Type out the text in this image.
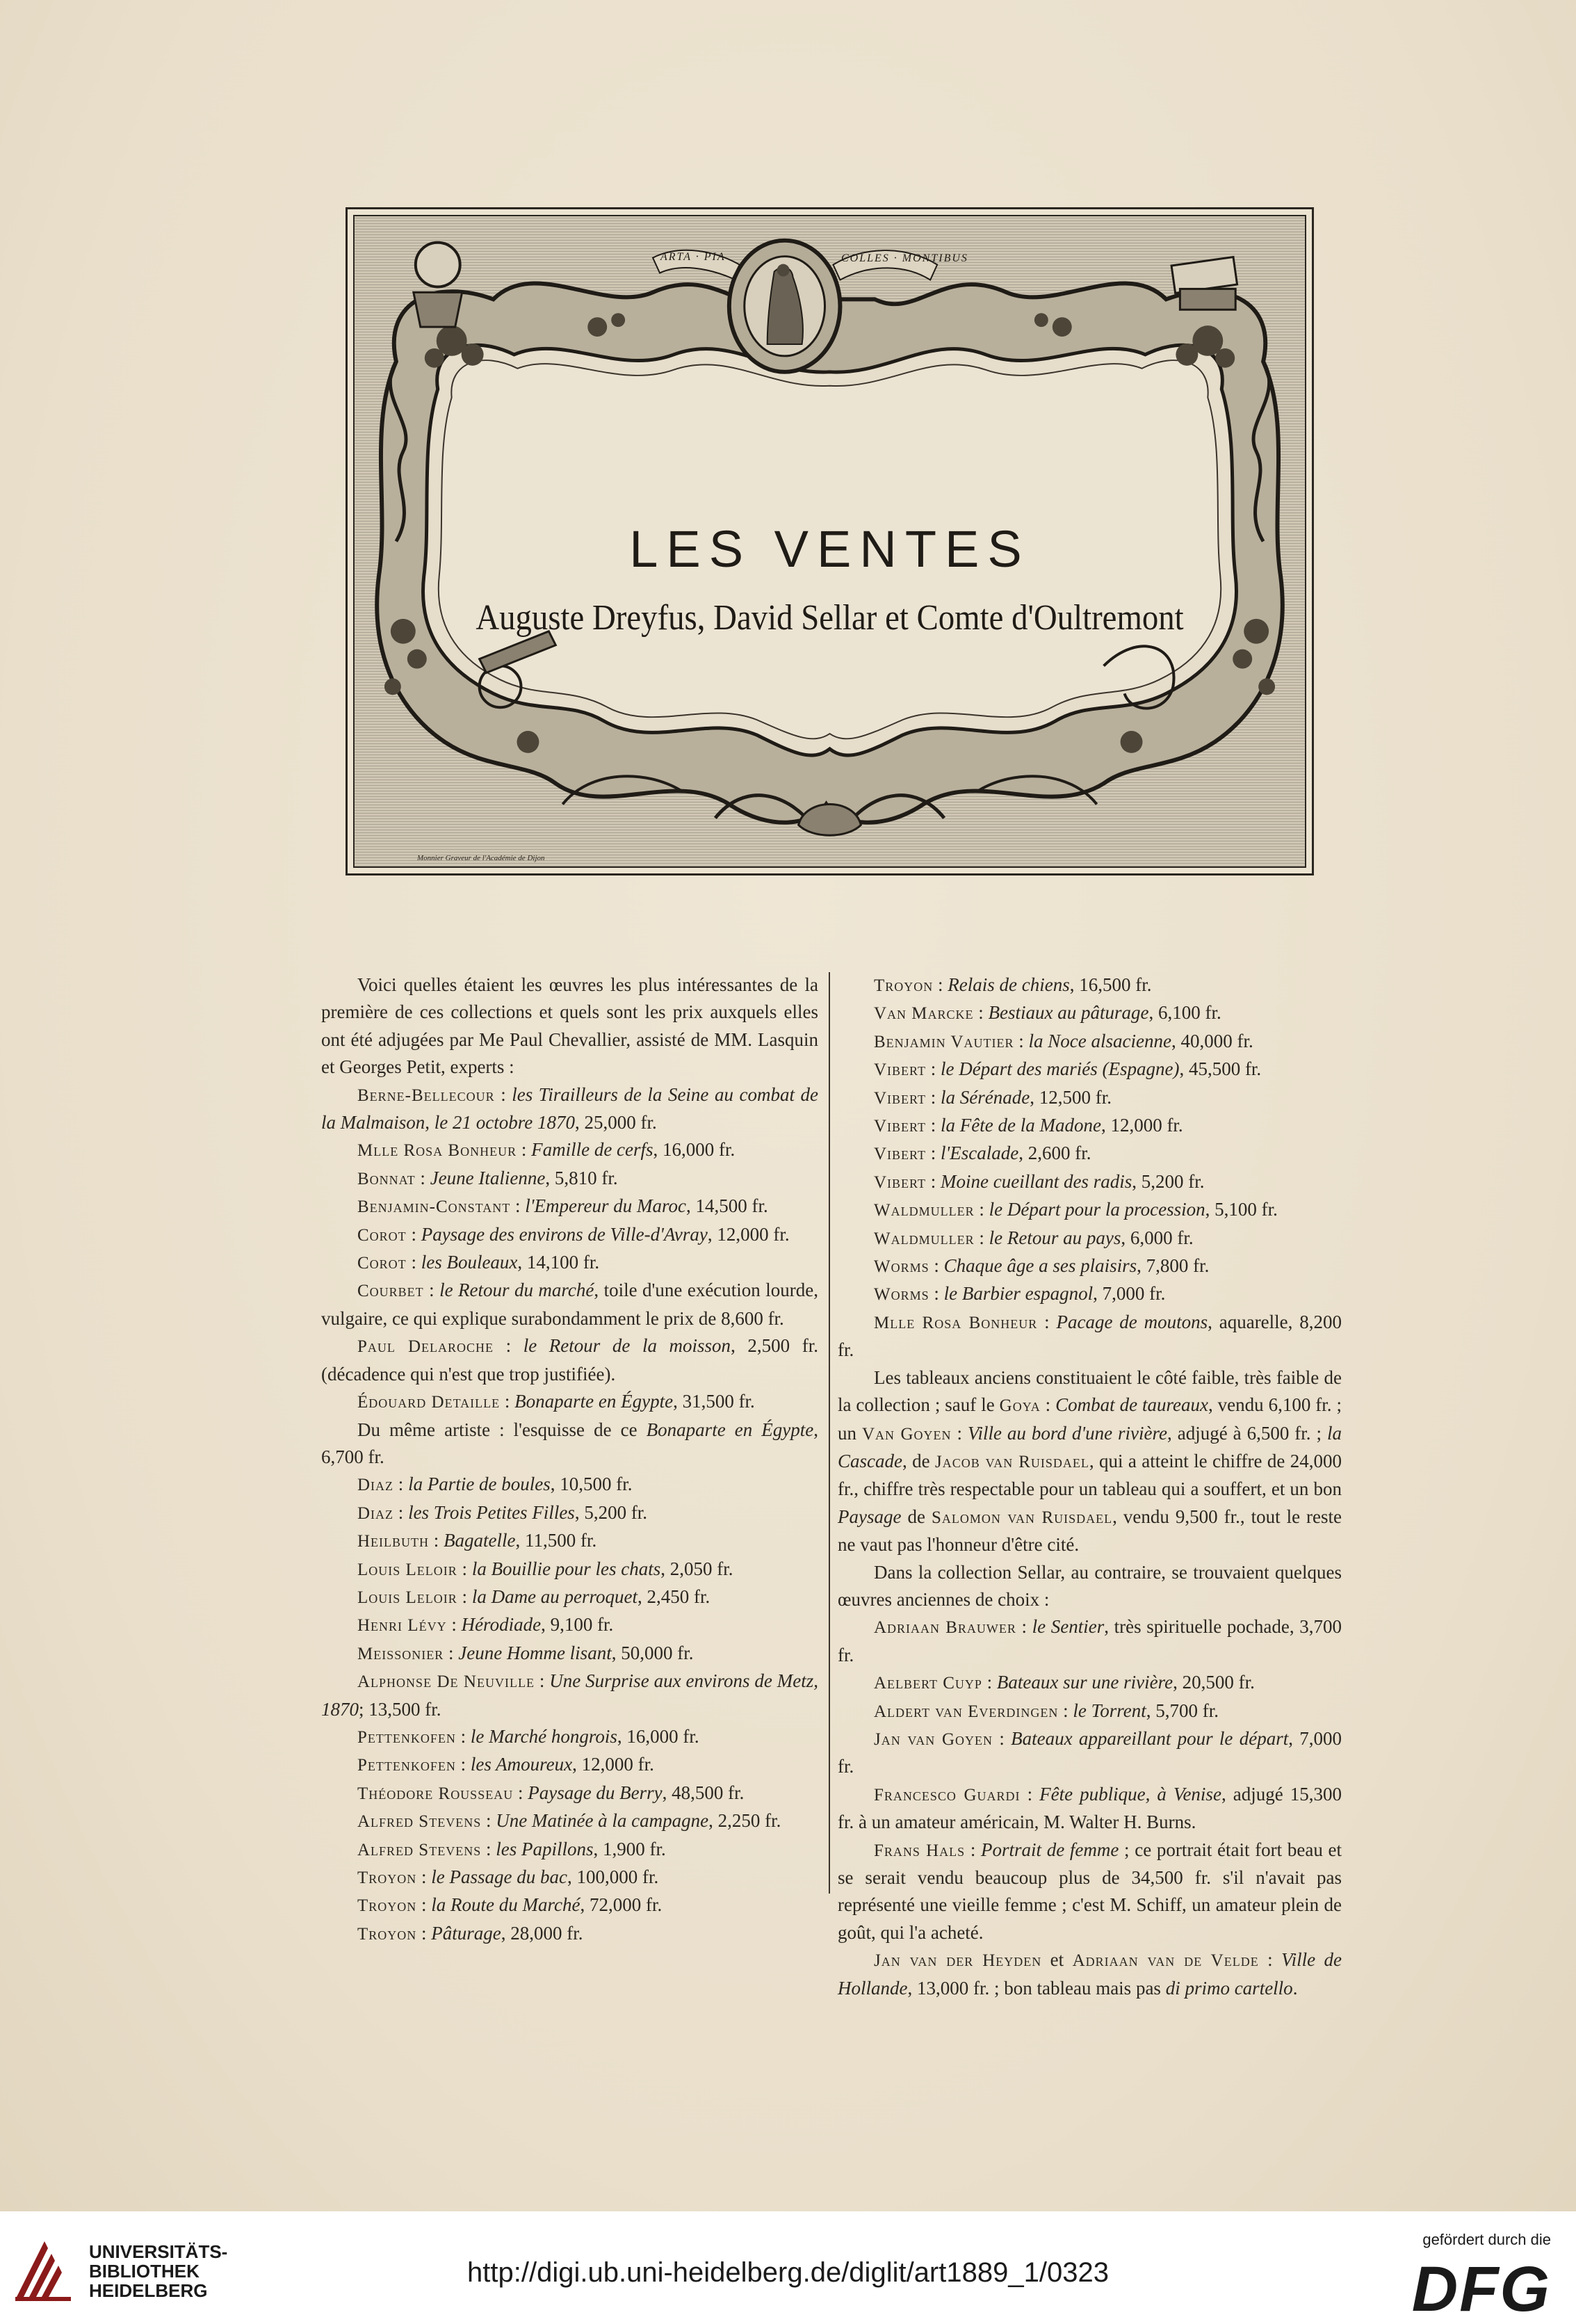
ARTA · PIA	COLLES · MONTIBUS
LES VENTES
Auguste Dreyfus, David Sellar et Comte d'Oultremont
Monnier Graveur de l'Académie de Dijon
Voici quelles étaient les œuvres les plus intéressantes de la première de ces collections et quels sont les prix auxquels elles ont été adjugées par Me Paul Chevallier, assisté de MM. Lasquin et Georges Petit, experts :
Berne-Bellecour : les Tirailleurs de la Seine au combat de la Malmaison, le 21 octobre 1870, 25,000 fr.
Mlle Rosa Bonheur : Famille de cerfs, 16,000 fr.
Bonnat : Jeune Italienne, 5,810 fr.
Benjamin-Constant : l'Empereur du Maroc, 14,500 fr.
Corot : Paysage des environs de Ville-d'Avray, 12,000 fr.
Corot : les Bouleaux, 14,100 fr.
Courbet : le Retour du marché, toile d'une exécution lourde, vulgaire, ce qui explique surabondamment le prix de 8,600 fr.
Paul Delaroche : le Retour de la moisson, 2,500 fr. (décadence qui n'est que trop justifiée).
Édouard Detaille : Bonaparte en Égypte, 31,500 fr.
Du même artiste : l'esquisse de ce Bonaparte en Égypte, 6,700 fr.
Diaz : la Partie de boules, 10,500 fr.
Diaz : les Trois Petites Filles, 5,200 fr.
Heilbuth : Bagatelle, 11,500 fr.
Louis Leloir : la Bouillie pour les chats, 2,050 fr.
Louis Leloir : la Dame au perroquet, 2,450 fr.
Henri Lévy : Hérodiade, 9,100 fr.
Meissonier : Jeune Homme lisant, 50,000 fr.
Alphonse De Neuville : Une Surprise aux environs de Metz, 1870; 13,500 fr.
Pettenkofen : le Marché hongrois, 16,000 fr.
Pettenkofen : les Amoureux, 12,000 fr.
Théodore Rousseau : Paysage du Berry, 48,500 fr.
Alfred Stevens : Une Matinée à la campagne, 2,250 fr.
Alfred Stevens : les Papillons, 1,900 fr.
Troyon : le Passage du bac, 100,000 fr.
Troyon : la Route du Marché, 72,000 fr.
Troyon : Pâturage, 28,000 fr.
Troyon : Relais de chiens, 16,500 fr.
Van Marcke : Bestiaux au pâturage, 6,100 fr.
Benjamin Vautier : la Noce alsacienne, 40,000 fr.
Vibert : le Départ des mariés (Espagne), 45,500 fr.
Vibert : la Sérénade, 12,500 fr.
Vibert : la Fête de la Madone, 12,000 fr.
Vibert : l'Escalade, 2,600 fr.
Vibert : Moine cueillant des radis, 5,200 fr.
Waldmuller : le Départ pour la procession, 5,100 fr.
Waldmuller : le Retour au pays, 6,000 fr.
Worms : Chaque âge a ses plaisirs, 7,800 fr.
Worms : le Barbier espagnol, 7,000 fr.
Mlle Rosa Bonheur : Pacage de moutons, aquarelle, 8,200 fr.
Les tableaux anciens constituaient le côté faible, très faible de la collection ; sauf le Goya : Combat de taureaux, vendu 6,100 fr. ; un Van Goyen : Ville au bord d'une rivière, adjugé à 6,500 fr. ; la Cascade, de Jacob van Ruisdael, qui a atteint le chiffre de 24,000 fr., chiffre très respectable pour un tableau qui a souffert, et un bon Paysage de Salomon van Ruisdael, vendu 9,500 fr., tout le reste ne vaut pas l'honneur d'être cité.
Dans la collection Sellar, au contraire, se trouvaient quelques œuvres anciennes de choix :
Adriaan Brauwer : le Sentier, très spirituelle pochade, 3,700 fr.
Aelbert Cuyp : Bateaux sur une rivière, 20,500 fr.
Aldert van Everdingen : le Torrent, 5,700 fr.
Jan van Goyen : Bateaux appareillant pour le départ, 7,000 fr.
Francesco Guardi : Fête publique, à Venise, adjugé 15,300 fr. à un amateur américain, M. Walter H. Burns.
Frans Hals : Portrait de femme ; ce portrait était fort beau et se serait vendu beaucoup plus de 34,500 fr. s'il n'avait pas représenté une vieille femme ; c'est M. Schiff, un amateur plein de goût, qui l'a acheté.
Jan van der Heyden et Adriaan van de Velde : Ville de Hollande, 13,000 fr. ; bon tableau mais pas di primo cartello.
UNIVERSITÄTS-
BIBLIOTHEK
HEIDELBERG
http://digi.ub.uni-heidelberg.de/diglit/art1889_1/0323
gefördert durch die
DFG
